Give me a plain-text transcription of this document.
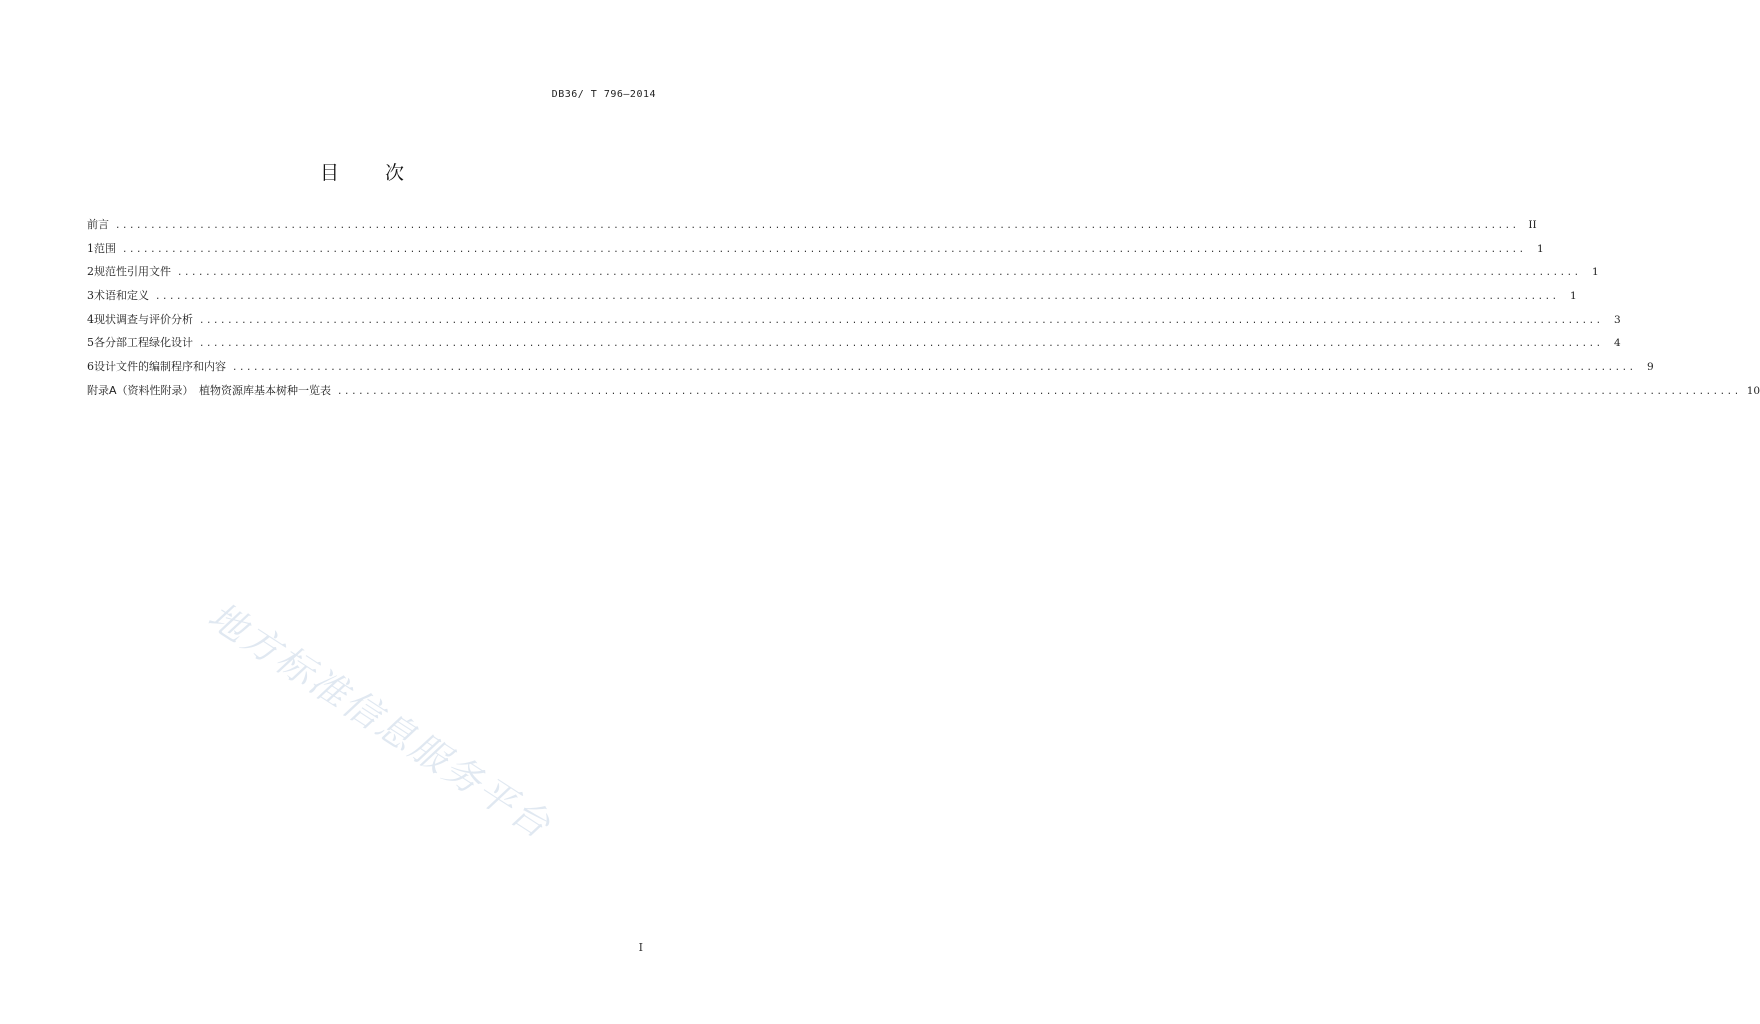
DB36/ T 796—2014
目 次
前言 ........................................................................................................................................................................................................ II
1 范围 ........................................................................................................................................................................................................	1
2 规范性引用文件 ........................................................................................................................................................................................................	1
3 术语和定义 ........................................................................................................................................................................................................	1
4 现状调查与评价分析 ........................................................................................................................................................................................................	3
5 各分部工程绿化设计 ........................................................................................................................................................................................................	4
6 设计文件的编制程序和内容 ........................................................................................................................................................................................................	9
附录A（资料性附录）　植物资源库基本树种一览表 ........................................................................................................................................................................................................ 10
地方标准信息服务平台
I
